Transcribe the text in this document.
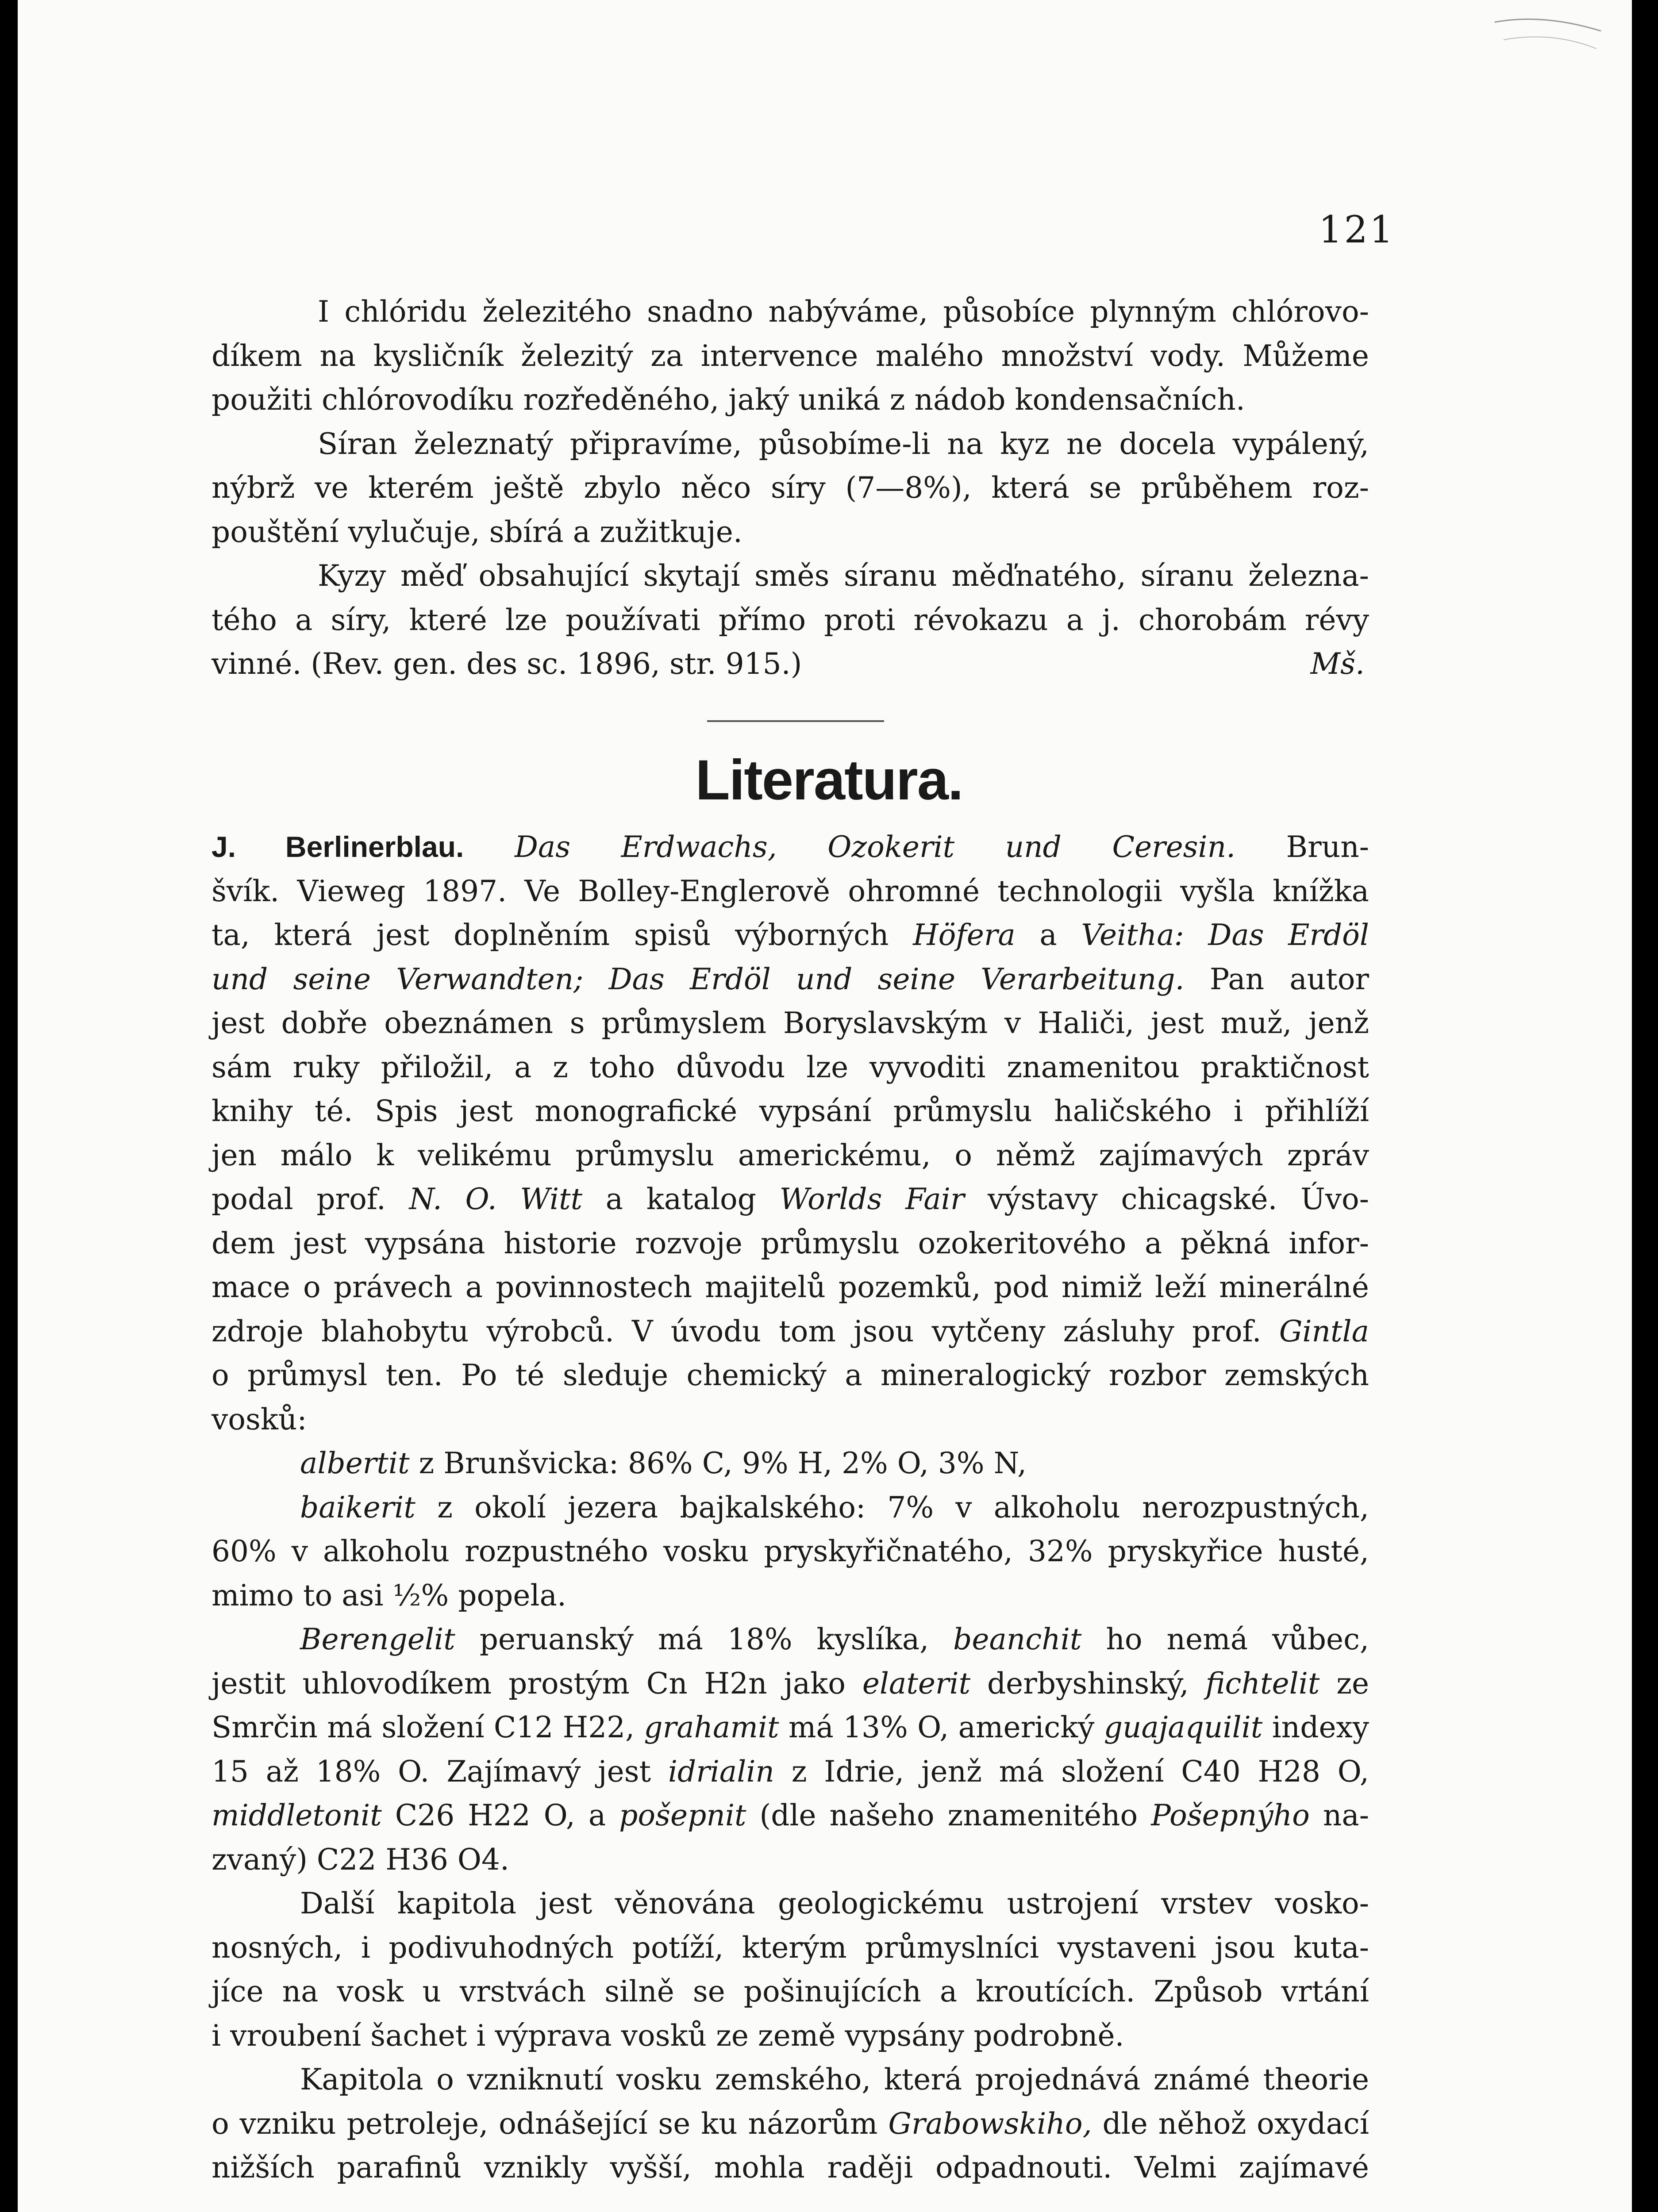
121
I chlóridu železitého snadno nabýváme, působíce plynným chlórovo-
díkem na kysličník železitý za intervence malého množství vody. Můžeme
použiti chlórovodíku rozředěného, jaký uniká z nádob kondensačních.
Síran železnatý připravíme, působíme-li na kyz ne docela vypálený,
nýbrž ve kterém ještě zbylo něco síry (7—8%), která se průběhem roz-
pouštění vylučuje, sbírá a zužitkuje.
Kyzy měď obsahující skytají směs síranu měďnatého, síranu železna-
tého a síry, které lze používati přímo proti révokazu a j. chorobám révy
vinné. (Rev. gen. des sc. 1896, str. 915.)	Mš.
Literatura.
J. Berlinerblau. Das Erdwachs, Ozokerit und Ceresin. Brun-
švík. Vieweg 1897. Ve Bolley-Englerově ohromné technologii vyšla knížka
ta, která jest doplněním spisů výborných Höfera a Veitha: Das Erdöl
und seine Verwandten; Das Erdöl und seine Verarbeitung. Pan autor
jest dobře obeznámen s průmyslem Boryslavským v Haliči, jest muž, jenž
sám ruky přiložil, a z toho důvodu lze vyvoditi znamenitou praktičnost
knihy té. Spis jest monografické vypsání průmyslu haličského i přihlíží
jen málo k velikému průmyslu americkému, o němž zajímavých zpráv
podal prof. N. O. Witt a katalog Worlds Fair výstavy chicagské. Úvo-
dem jest vypsána historie rozvoje průmyslu ozokeritového a pěkná infor-
mace o právech a povinnostech majitelů pozemků, pod nimiž leží minerálné
zdroje blahobytu výrobců. V úvodu tom jsou vytčeny zásluhy prof. Gintla
o průmysl ten. Po té sleduje chemický a mineralogický rozbor zemských
vosků:
albertit z Brunšvicka: 86% C, 9% H, 2% O, 3% N,
baikerit z okolí jezera bajkalského: 7% v alkoholu nerozpustných,
60% v alkoholu rozpustného vosku pryskyřičnatého, 32% pryskyřice husté,
mimo to asi ½% popela.
Berengelit peruanský má 18% kyslíka, beanchit ho nemá vůbec,
jestit uhlovodíkem prostým Cn H2n jako elaterit derbyshinský, fichtelit ze
Smrčin má složení C12 H22, grahamit má 13% O, americký guajaquilit indexy
15 až 18% O. Zajímavý jest idrialin z Idrie, jenž má složení C40 H28 O,
middletonit C26 H22 O, a pošepnit (dle našeho znamenitého Pošepnýho na-
zvaný) C22 H36 O4.
Další kapitola jest věnována geologickému ustrojení vrstev vosko-
nosných, i podivuhodných potíží, kterým průmyslníci vystaveni jsou kuta-
jíce na vosk u vrstvách silně se pošinujících a kroutících. Způsob vrtání
i vroubení šachet i výprava vosků ze země vypsány podrobně.
Kapitola o vzniknutí vosku zemského, která projednává známé theorie
o vzniku petroleje, odnášející se ku názorům Grabowskiho, dle něhož oxydací
nižších parafinů vznikly vyšší, mohla raději odpadnouti. Velmi zajímavé
